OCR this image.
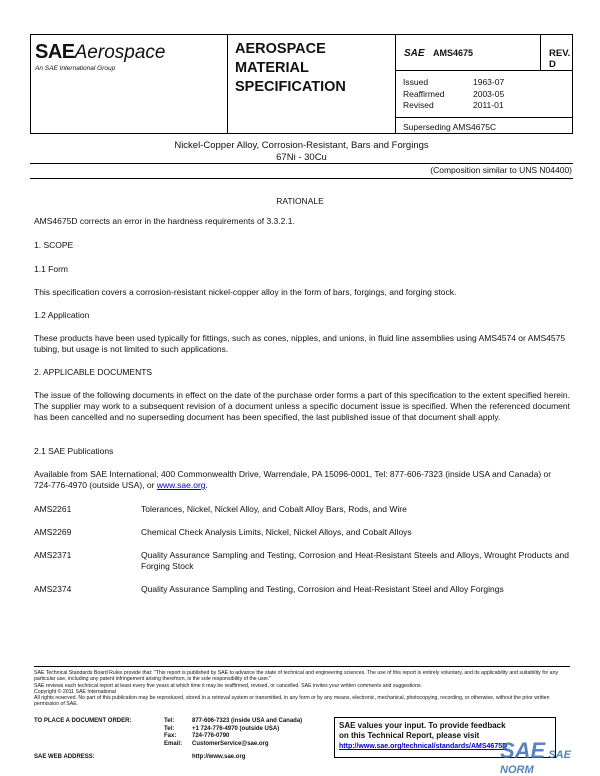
SAEAerospace
An SAE International Group
AEROSPACE
MATERIAL
SPECIFICATION
SAE AMS4675	REV. D
Issued	1963-07
Reaffirmed	2003-05
Revised	2011-01
Superseding AMS4675C
Nickel-Copper Alloy, Corrosion-Resistant, Bars and Forgings
67Ni - 30Cu
(Composition similar to UNS N04400)
RATIONALE
AMS4675D corrects an error in the hardness requirements of 3.3.2.1.
1. SCOPE
1.1 Form
This specification covers a corrosion-resistant nickel-copper alloy in the form of bars, forgings, and forging stock.
1.2 Application
These products have been used typically for fittings, such as cones, nipples, and unions, in fluid line assemblies using AMS4574 or AMS4575 tubing, but usage is not limited to such applications.
2. APPLICABLE DOCUMENTS
The issue of the following documents in effect on the date of the purchase order forms a part of this specification to the extent specified herein. The supplier may work to a subsequent revision of a document unless a specific document issue is specified. When the referenced document has been cancelled and no superseding document has been specified, the last published issue of that document shall apply.
2.1 SAE Publications
Available from SAE International, 400 Commonwealth Drive, Warrendale, PA 15096-0001, Tel: 877-606-7323 (inside USA and Canada) or 724-776-4970 (outside USA), or www.sae.org.
AMS2261	Tolerances, Nickel, Nickel Alloy, and Cobalt Alloy Bars, Rods, and Wire
AMS2269	Chemical Check Analysis Limits, Nickel, Nickel Alloys, and Cobalt Alloys
AMS2371	Quality Assurance Sampling and Testing, Corrosion and Heat-Resistant Steels and Alloys, Wrought Products and Forging Stock
AMS2374	Quality Assurance Sampling and Testing, Corrosion and Heat-Resistant Steel and Alloy Forgings
SAE Technical Standards Board Rules provide that: "This report is published by SAE to advance the state of technical and engineering sciences. The use of this report is entirely voluntary, and its applicability and suitability for any particular use, including any patent infringement arising therefrom, is the sole responsibility of the user."
SAE reviews each technical report at least every five years at which time it may be reaffirmed, revised, or cancelled. SAE invites your written comments and suggestions.
Copyright © 2011 SAE International
All rights reserved. No part of this publication may be reproduced, stored in a retrieval system or transmitted, in any form or by any means, electronic, mechanical, photocopying, recording, or otherwise, without the prior written permission of SAE.
TO PLACE A DOCUMENT ORDER:	Tel:	877-606-7323 (inside USA and Canada)
Tel:	+1 724-776-4970 (outside USA)
Fax:	724-776-0790
Email:	CustomerService@sae.org
SAE WEB ADDRESS:	http://www.sae.org
SAE values your input. To provide feedback
on this Technical Report, please visit
http://www.sae.org/technical/standards/AMS4675D
SAE SAE NORM
